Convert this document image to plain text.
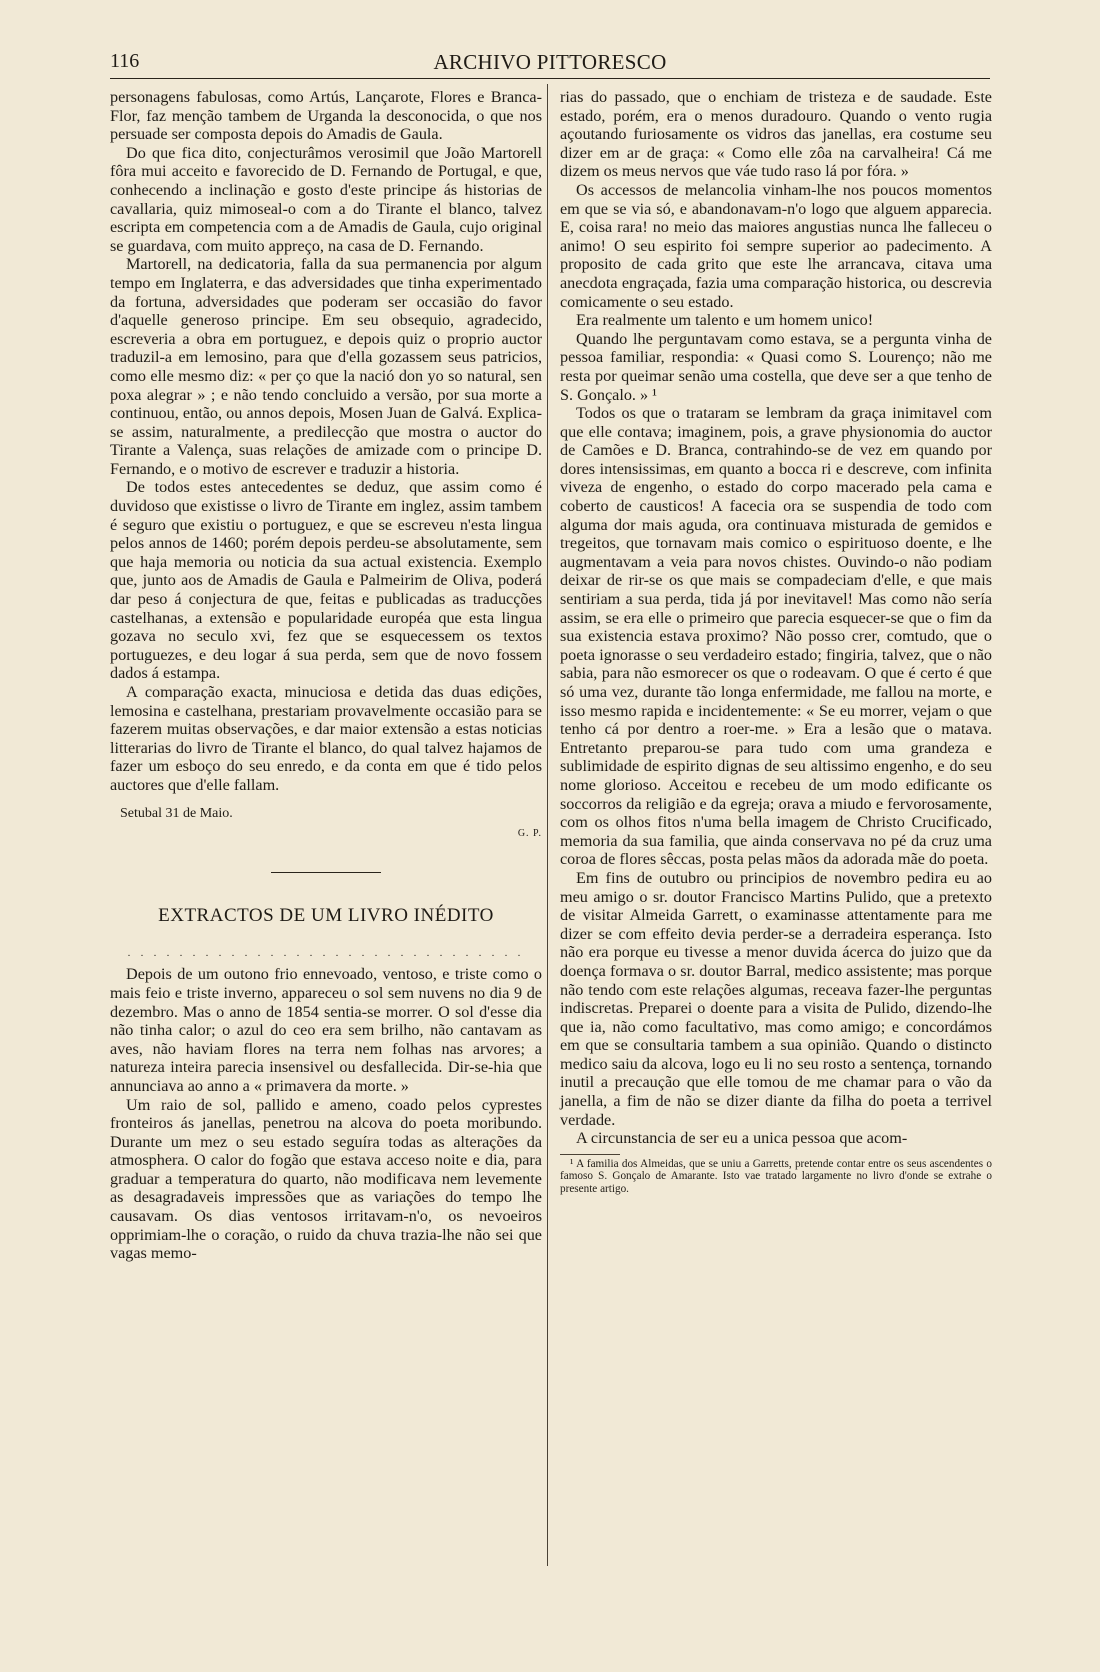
116	ARCHIVO PITTORESCO

personagens fabulosas, como Artús, Lançarote, Flores e Branca-Flor, faz menção tambem de Urganda la desconocida, o que nos persuade ser composta depois do Amadis de Gaula.

Do que fica dito, conjecturâmos verosimil que João Martorell fôra mui acceito e favorecido de D. Fernando de Portugal, e que, conhecendo a inclinação e gosto d'este principe ás historias de cavallaria, quiz mimoseal-o com a do Tirante el blanco, talvez escripta em competencia com a de Amadis de Gaula, cujo original se guardava, com muito appreço, na casa de D. Fernando.

Martorell, na dedicatoria, falla da sua permanencia por algum tempo em Inglaterra, e das adversidades que tinha experimentado da fortuna, adversidades que poderam ser occasião do favor d'aquelle generoso principe. Em seu obsequio, agradecido, escreveria a obra em portuguez, e depois quiz o proprio auctor traduzil-a em lemosino, para que d'ella gozassem seus patricios, como elle mesmo diz: « per ço que la nació don yo so natural, sen poxa alegrar » ; e não tendo concluido a versão, por sua morte a continuou, então, ou annos depois, Mosen Juan de Galvá. Explica-se assim, naturalmente, a predilecção que mostra o auctor do Tirante a Valença, suas relações de amizade com o principe D. Fernando, e o motivo de escrever e traduzir a historia.

De todos estes antecedentes se deduz, que assim como é duvidoso que existisse o livro de Tirante em inglez, assim tambem é seguro que existiu o portuguez, e que se escreveu n'esta lingua pelos annos de 1460; porém depois perdeu-se absolutamente, sem que haja memoria ou noticia da sua actual existencia. Exemplo que, junto aos de Amadis de Gaula e Palmeirim de Oliva, poderá dar peso á conjectura de que, feitas e publicadas as traducções castelhanas, a extensão e popularidade européa que esta lingua gozava no seculo xvi, fez que se esquecessem os textos portuguezes, e deu logar á sua perda, sem que de novo fossem dados á estampa.

A comparação exacta, minuciosa e detida das duas edições, lemosina e castelhana, prestariam provavelmente occasião para se fazerem muitas observações, e dar maior extensão a estas noticias litterarias do livro de Tirante el blanco, do qual talvez hajamos de fazer um esboço do seu enredo, e da conta em que é tido pelos auctores que d'elle fallam.

Setubal 31 de Maio.
G. P.
EXTRACTOS DE UM LIVRO INÉDITO
. . . . . . . . . . . . . . . . . . . . . . . . . . . . . . .

Depois de um outono frio ennevoado, ventoso, e triste como o mais feio e triste inverno, appareceu o sol sem nuvens no dia 9 de dezembro. Mas o anno de 1854 sentia-se morrer. O sol d'esse dia não tinha calor; o azul do ceo era sem brilho, não cantavam as aves, não haviam flores na terra nem folhas nas arvores; a natureza inteira parecia insensivel ou desfallecida. Dir-se-hia que annunciava ao anno a « primavera da morte. »

Um raio de sol, pallido e ameno, coado pelos cyprestes fronteiros ás janellas, penetrou na alcova do poeta moribundo. Durante um mez o seu estado seguíra todas as alterações da atmosphera. O calor do fogão que estava acceso noite e dia, para graduar a temperatura do quarto, não modificava nem levemente as desagradaveis impressões que as variações do tempo lhe causavam. Os dias ventosos irritavam-n'o, os nevoeiros opprimiam-lhe o coração, o ruido da chuva trazia-lhe não sei que vagas memo-

rias do passado, que o enchiam de tristeza e de saudade. Este estado, porém, era o menos duradouro. Quando o vento rugia açoutando furiosamente os vidros das janellas, era costume seu dizer em ar de graça: « Como elle zôa na carvalheira! Cá me dizem os meus nervos que váe tudo raso lá por fóra. »

Os accessos de melancolia vinham-lhe nos poucos momentos em que se via só, e abandonavam-n'o logo que alguem apparecia. E, coisa rara! no meio das maiores angustias nunca lhe falleceu o animo! O seu espirito foi sempre superior ao padecimento. A proposito de cada grito que este lhe arrancava, citava uma anecdota engraçada, fazia uma comparação historica, ou descrevia comicamente o seu estado.

Era realmente um talento e um homem unico!

Quando lhe perguntavam como estava, se a pergunta vinha de pessoa familiar, respondia: « Quasi como S. Lourenço; não me resta por queimar senão uma costella, que deve ser a que tenho de S. Gonçalo. » ¹

Todos os que o trataram se lembram da graça inimitavel com que elle contava; imaginem, pois, a grave physionomia do auctor de Camões e D. Branca, contrahindo-se de vez em quando por dores intensissimas, em quanto a bocca ri e descreve, com infinita viveza de engenho, o estado do corpo macerado pela cama e coberto de causticos! A facecia ora se suspendia de todo com alguma dor mais aguda, ora continuava misturada de gemidos e tregeitos, que tornavam mais comico o espirituoso doente, e lhe augmentavam a veia para novos chistes. Ouvindo-o não podiam deixar de rir-se os que mais se compadeciam d'elle, e que mais sentiriam a sua perda, tida já por inevitavel! Mas como não sería assim, se era elle o primeiro que parecia esquecer-se que o fim da sua existencia estava proximo? Não posso crer, comtudo, que o poeta ignorasse o seu verdadeiro estado; fingiria, talvez, que o não sabia, para não esmorecer os que o rodeavam. O que é certo é que só uma vez, durante tão longa enfermidade, me fallou na morte, e isso mesmo rapida e incidentemente: « Se eu morrer, vejam o que tenho cá por dentro a roer-me. » Era a lesão que o matava. Entretanto preparou-se para tudo com uma grandeza e sublimidade de espirito dignas de seu altissimo engenho, e do seu nome glorioso. Acceitou e recebeu de um modo edificante os soccorros da religião e da egreja; orava a miudo e fervorosamente, com os olhos fitos n'uma bella imagem de Christo Crucificado, memoria da sua familia, que ainda conservava no pé da cruz uma coroa de flores sêccas, posta pelas mãos da adorada mãe do poeta.

Em fins de outubro ou principios de novembro pedira eu ao meu amigo o sr. doutor Francisco Martins Pulido, que a pretexto de visitar Almeida Garrett, o examinasse attentamente para me dizer se com effeito devia perder-se a derradeira esperança. Isto não era porque eu tivesse a menor duvida ácerca do juizo que da doença formava o sr. doutor Barral, medico assistente; mas porque não tendo com este relações algumas, receava fazer-lhe perguntas indiscretas. Preparei o doente para a visita de Pulido, dizendo-lhe que ia, não como facultativo, mas como amigo; e concordámos em que se consultaria tambem a sua opinião. Quando o distincto medico saiu da alcova, logo eu li no seu rosto a sentença, tornando inutil a precaução que elle tomou de me chamar para o vão da janella, a fim de não se dizer diante da filha do poeta a terrivel verdade.

A circunstancia de ser eu a unica pessoa que acom-

¹ A familia dos Almeidas, que se uniu a Garretts, pretende contar entre os seus ascendentes o famoso S. Gonçalo de Amarante. Isto vae tratado largamente no livro d'onde se extrahe o presente artigo.
